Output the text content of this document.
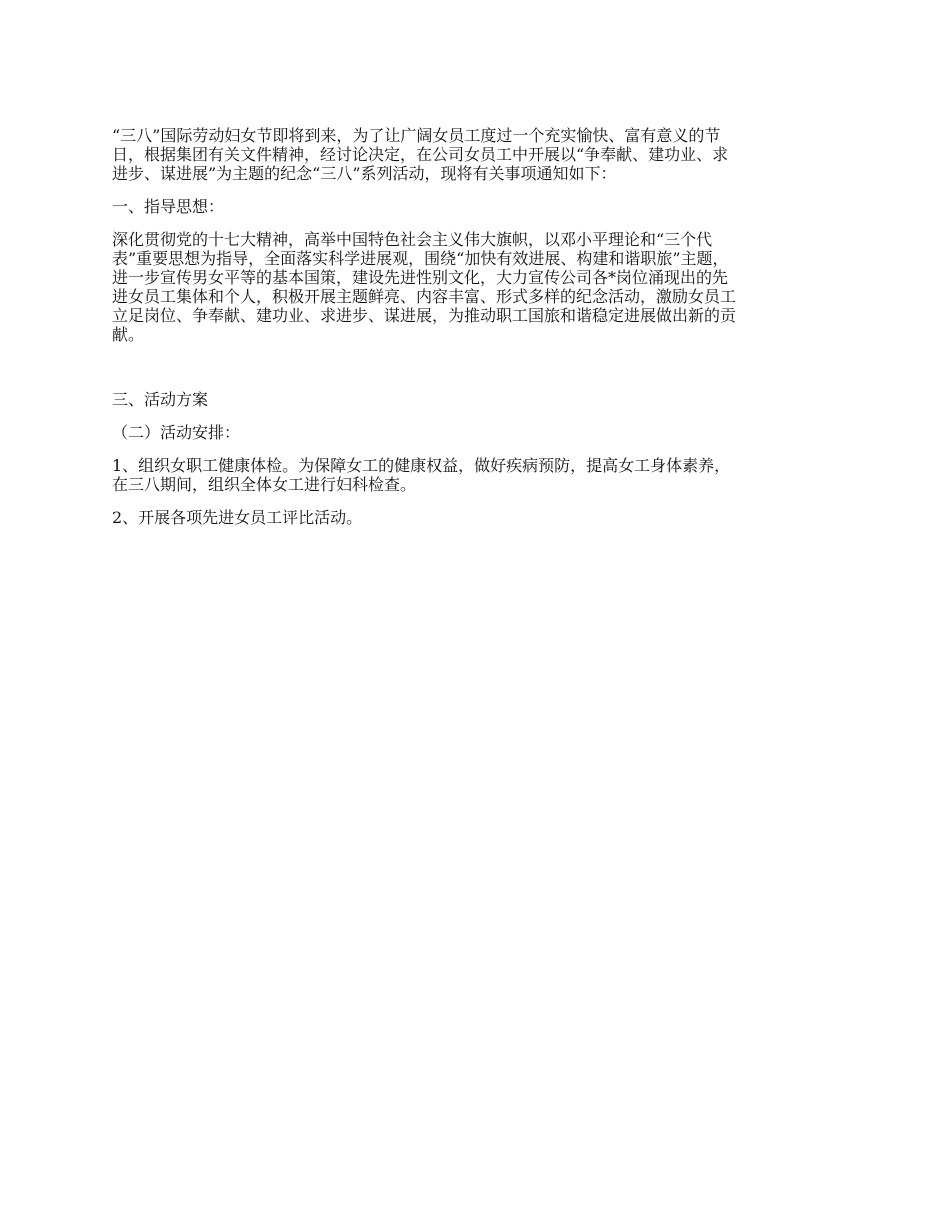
“三八”国际劳动妇女节即将到来，为了让广阔女员工度过一个充实愉快、富有意义的节
日，根据集团有关文件精神，经讨论决定，在公司女员工中开展以“争奉献、建功业、求
进步、谋进展”为主题的纪念“三八”系列活动，现将有关事项通知如下：

一、指导思想：

深化贯彻党的十七大精神，高举中国特色社会主义伟大旗帜，以邓小平理论和“三个代
表”重要思想为指导，全面落实科学进展观，围绕“加快有效进展、构建和谐职旅”主题，
进一步宣传男女平等的基本国策，建设先进性别文化，大力宣传公司各*岗位涌现出的先
进女员工集体和个人，积极开展主题鲜亮、内容丰富、形式多样的纪念活动，激励女员工
立足岗位、争奉献、建功业、求进步、谋进展，为推动职工国旅和谐稳定进展做出新的贡
献。

三、活动方案

（二）活动安排：

1、组织女职工健康体检。为保障女工的健康权益，做好疾病预防，提高女工身体素养，
在三八期间，组织全体女工进行妇科检查。

2、开展各项先进女员工评比活动。
